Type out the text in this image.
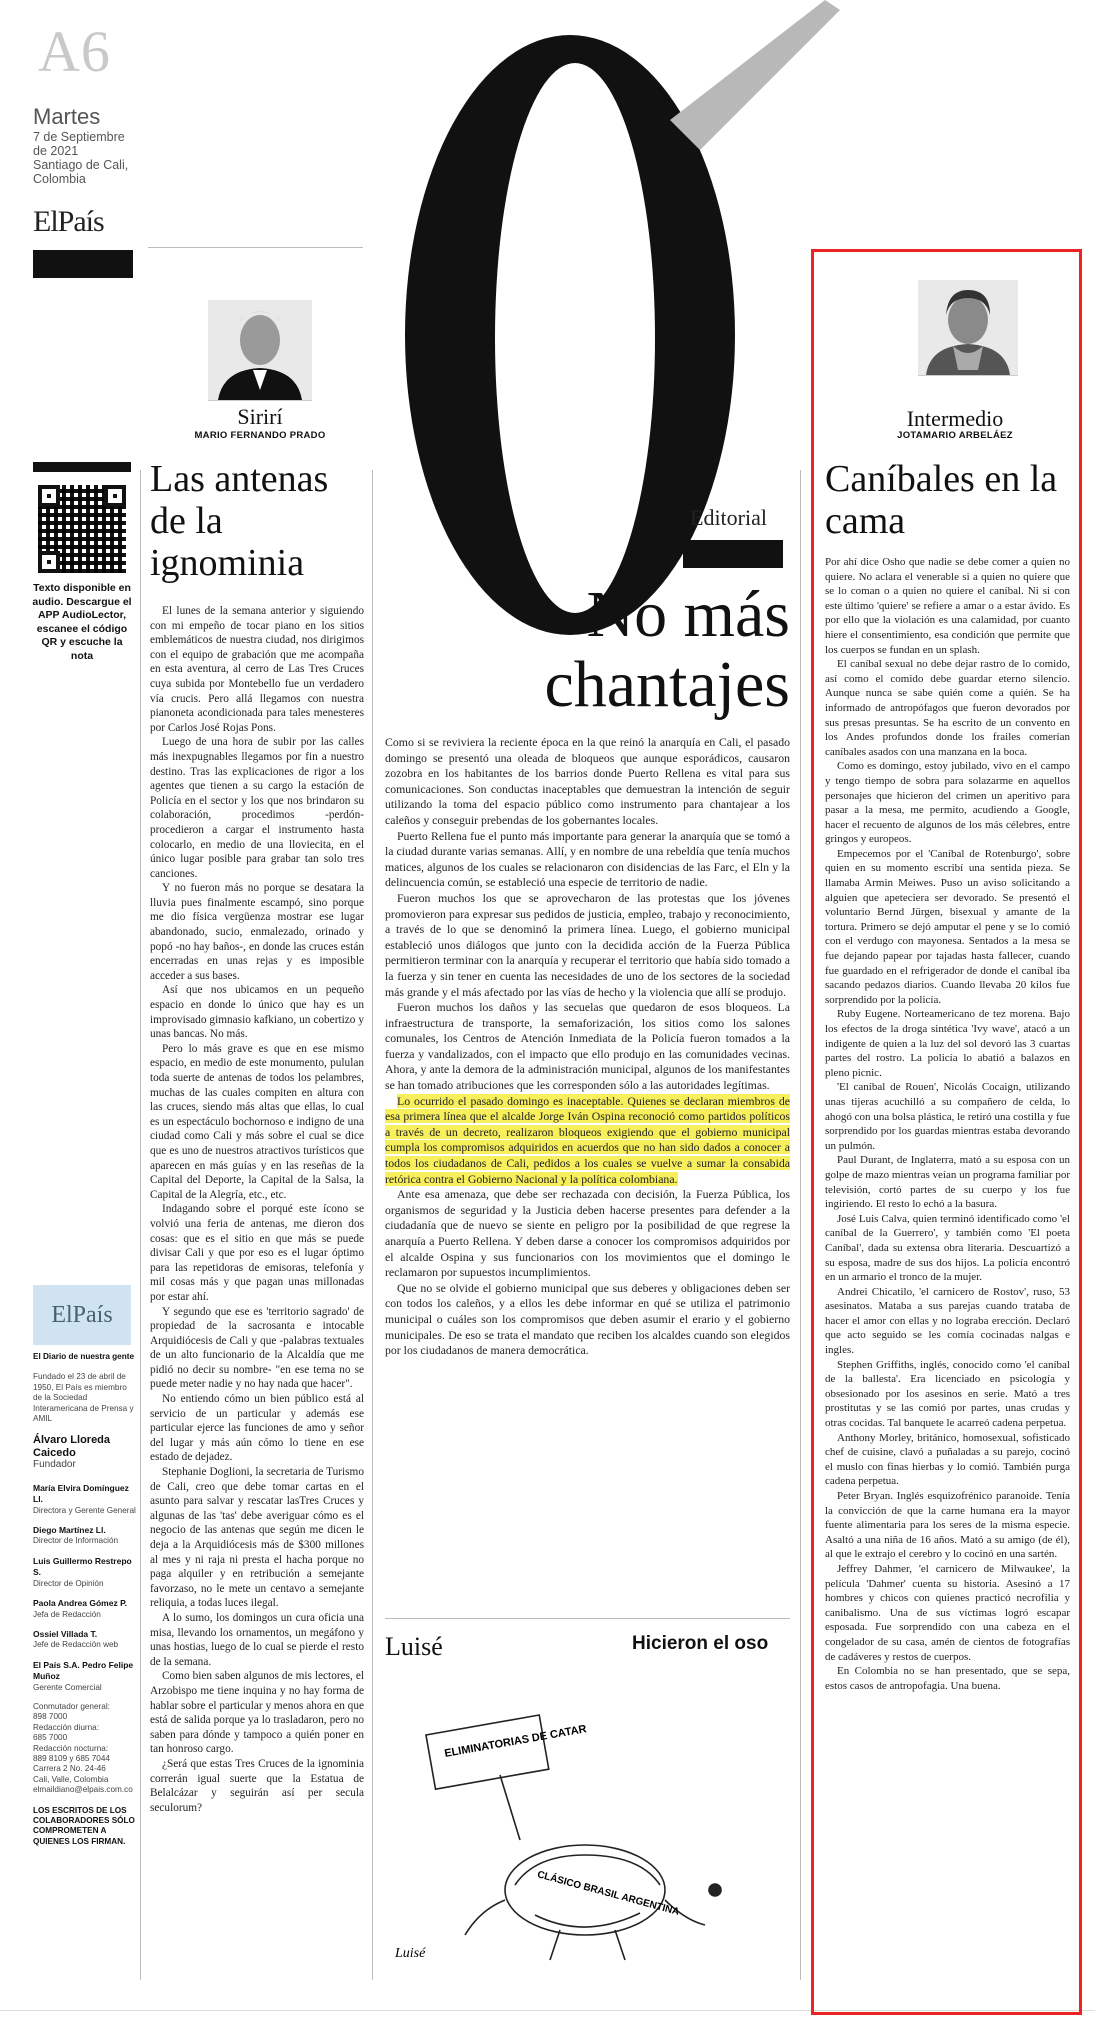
A6
Martes
7 de Septiembre
de 2021
Santiago de Cali,
Colombia
ElPaís
Sirirí
MARIO FERNANDO PRADO
Texto disponible en audio. Descargue el APP AudioLector, escanee el código QR y escuche la nota
Las antenas de la ignominia

El lunes de la semana anterior y siguiendo con mi empeño de tocar piano en los sitios emblemáticos de nuestra ciudad, nos dirigimos con el equipo de grabación que me acompaña en esta aventura, al cerro de Las Tres Cruces cuya subida por Montebello fue un verdadero vía crucis. Pero allá llegamos con nuestra pianoneta acondicionada para tales menesteres por Carlos José Rojas Pons.

Luego de una hora de subir por las calles más inexpugnables llegamos por fin a nuestro destino. Tras las explicaciones de rigor a los agentes que tienen a su cargo la estación de Policía en el sector y los que nos brindaron su colaboración, procedimos -perdón- procedieron a cargar el instrumento hasta colocarlo, en medio de una lloviecita, en el único lugar posible para grabar tan solo tres canciones.

Y no fueron más no porque se desatara la lluvia pues finalmente escampó, sino porque me dio física vergüenza mostrar ese lugar abandonado, sucio, enmalezado, orinado y popó -no hay baños-, en donde las cruces están encerradas en unas rejas y es imposible acceder a sus bases.

Así que nos ubicamos en un pequeño espacio en donde lo único que hay es un improvisado gimnasio kafkiano, un cobertizo y unas bancas. No más.

Pero lo más grave es que en ese mismo espacio, en medio de este monumento, pululan toda suerte de antenas de todos los pelambres, muchas de las cuales compiten en altura con las cruces, siendo más altas que ellas, lo cual es un espectáculo bochornoso e indigno de una ciudad como Cali y más sobre el cual se dice que es uno de nuestros atractivos turísticos que aparecen en más guías y en las reseñas de la Capital del Deporte, la Capital de la Salsa, la Capital de la Alegría, etc., etc.

Indagando sobre el porqué este ícono se volvió una feria de antenas, me dieron dos cosas: que es el sitio en que más se puede divisar Cali y que por eso es el lugar óptimo para las repetidoras de emisoras, telefonía y mil cosas más y que pagan unas millonadas por estar ahí.

Y segundo que ese es 'territorio sagrado' de propiedad de la sacrosanta e intocable Arquidiócesis de Cali y que -palabras textuales de un alto funcionario de la Alcaldía que me pidió no decir su nombre- "en ese tema no se puede meter nadie y no hay nada que hacer".

No entiendo cómo un bien público está al servicio de un particular y además ese particular ejerce las funciones de amo y señor del lugar y más aún cómo lo tiene en ese estado de dejadez.

Stephanie Doglioni, la secretaria de Turismo de Cali, creo que debe tomar cartas en el asunto para salvar y rescatar lasTres Cruces y algunas de las 'tas' debe averiguar cómo es el negocio de las antenas que según me dicen le deja a la Arquidiócesis más de $300 millones al mes y ni raja ni presta el hacha porque no paga alquiler y en retribución a semejante favorzaso, no le mete un centavo a semejante reliquia, a todas luces ilegal.

A lo sumo, los domingos un cura oficia una misa, llevando los ornamentos, un megáfono y unas hostias, luego de lo cual se pierde el resto de la semana.

Como bien saben algunos de mis lectores, el Arzobispo me tiene inquina y no hay forma de hablar sobre el particular y menos ahora en que está de salida porque ya lo trasladaron, pero no saben para dónde y tampoco a quién poner en tan honroso cargo.

¿Será que estas Tres Cruces de la ignominia correrán igual suerte que la Estatua de Belalcázar y seguirán así per secula seculorum?

ElPaís
El Diario de nuestra gente
Fundado el 23 de abril de 1950, El País es miembro de la Sociedad Interamericana de Prensa y AMIL
Álvaro Lloreda Caicedo
Fundador
María Elvira Domínguez Ll.
Directora y Gerente General
Diego Martínez Ll.
Director de Información
Luis Guillermo Restrepo S.
Director de Opinión
Paola Andrea Gómez P.
Jefa de Redacción
Ossiel Villada T.
Jefe de Redacción web
El País S.A. Pedro Felipe Muñoz
Gerente Comercial
Conmutador general:
898 7000
Redacción diurna:
685 7000
Redacción nocturna:
889 8109 y 685 7044
Carrera 2 No. 24-46
Cali, Valle, Colombia
elmaildiano@elpais.com.co
LOS ESCRITOS DE LOS COLABORADORES SÓLO COMPROMETEN A QUIENES LOS FIRMAN.
Editorial
No más
chantajes

Como si se reviviera la reciente época en la que reinó la anarquía en Cali, el pasado domingo se presentó una oleada de bloqueos que aunque esporádicos, causaron zozobra en los habitantes de los barrios donde Puerto Rellena es vital para sus comunicaciones. Son conductas inaceptables que demuestran la intención de seguir utilizando la toma del espacio público como instrumento para chantajear a los caleños y conseguir prebendas de los gobernantes locales.

Puerto Rellena fue el punto más importante para generar la anarquía que se tomó a la ciudad durante varias semanas. Allí, y en nombre de una rebeldía que tenía muchos matices, algunos de los cuales se relacionaron con disidencias de las Farc, el Eln y la delincuencia común, se estableció una especie de territorio de nadie.

Fueron muchos los que se aprovecharon de las protestas que los jóvenes promovieron para expresar sus pedidos de justicia, empleo, trabajo y reconocimiento, a través de lo que se denominó la primera línea. Luego, el gobierno municipal estableció unos diálogos que junto con la decidida acción de la Fuerza Pública permitieron terminar con la anarquía y recuperar el territorio que había sido tomado a la fuerza y sin tener en cuenta las necesidades de uno de los sectores de la sociedad más grande y el más afectado por las vías de hecho y la violencia que allí se produjo.

Fueron muchos los daños y las secuelas que quedaron de esos bloqueos. La infraestructura de transporte, la semaforización, los sitios como los salones comunales, los Centros de Atención Inmediata de la Policía fueron tomados a la fuerza y vandalizados, con el impacto que ello produjo en las comunidades vecinas. Ahora, y ante la demora de la administración municipal, algunos de los manifestantes se han tomado atribuciones que les corresponden sólo a las autoridades legítimas.

Lo ocurrido el pasado domingo es inaceptable. Quienes se declaran miembros de esa primera línea que el alcalde Jorge Iván Ospina reconoció como partidos políticos a través de un decreto, realizaron bloqueos exigiendo que el gobierno municipal cumpla los compromisos adquiridos en acuerdos que no han sido dados a conocer a todos los ciudadanos de Cali, pedidos a los cuales se vuelve a sumar la consabida retórica contra el Gobierno Nacional y la política colombiana.

Ante esa amenaza, que debe ser rechazada con decisión, la Fuerza Pública, los organismos de seguridad y la Justicia deben hacerse presentes para defender a la ciudadanía que de nuevo se siente en peligro por la posibilidad de que regrese la anarquía a Puerto Rellena. Y deben darse a conocer los compromisos adquiridos por el alcalde Ospina y sus funcionarios con los movimientos que el domingo le reclamaron por supuestos incumplimientos.

Que no se olvide el gobierno municipal que sus deberes y obligaciones deben ser con todos los caleños, y a ellos les debe informar en qué se utiliza el patrimonio municipal o cuáles son los compromisos que deben asumir el erario y el gobierno municipales. De eso se trata el mandato que reciben los alcaldes cuando son elegidos por los ciudadanos de manera democrática.

Luisé	Hicieron el oso
ELIMINATORIAS DE CATAR
CLÁSICO BRASIL ARGENTINA
Luisé
Intermedio
JOTAMARIO ARBELÁEZ
Caníbales en la cama

Por ahí dice Osho que nadie se debe comer a quien no quiere. No aclara el venerable si a quien no quiere que se lo coman o a quien no quiere el caníbal. Ni si con este último 'quiere' se refiere a amar o a estar ávido. Es por ello que la violación es una calamidad, por cuanto hiere el consentimiento, esa condición que permite que los cuerpos se fundan en un splash.

El caníbal sexual no debe dejar rastro de lo comido, así como el comido debe guardar eterno silencio. Aunque nunca se sabe quién come a quién. Se ha informado de antropófagos que fueron devorados por sus presas presuntas. Se ha escrito de un convento en los Andes profundos donde los frailes comerían caníbales asados con una manzana en la boca.

Como es domingo, estoy jubilado, vivo en el campo y tengo tiempo de sobra para solazarme en aquellos personajes que hicieron del crimen un aperitivo para pasar a la mesa, me permito, acudiendo a Google, hacer el recuento de algunos de los más célebres, entre gringos y europeos.

Empecemos por el 'Caníbal de Rotenburgo', sobre quien en su momento escribí una sentida pieza. Se llamaba Armin Meiwes. Puso un aviso solicitando a alguien que apeteciera ser devorado. Se presentó el voluntario Bernd Jürgen, bisexual y amante de la tortura. Primero se dejó amputar el pene y se lo comió con el verdugo con mayonesa. Sentados a la mesa se fue dejando papear por tajadas hasta fallecer, cuando fue guardado en el refrigerador de donde el caníbal iba sacando pedazos diarios. Cuando llevaba 20 kilos fue sorprendido por la policía.

Ruby Eugene. Norteamericano de tez morena. Bajo los efectos de la droga sintética 'Ivy wave', atacó a un indigente de quien a la luz del sol devoró las 3 cuartas partes del rostro. La policía lo abatió a balazos en pleno picnic.

'El caníbal de Rouen', Nicolás Cocaign, utilizando unas tijeras acuchilló a su compañero de celda, lo ahogó con una bolsa plástica, le retiró una costilla y fue sorprendido por los guardas mientras estaba devorando un pulmón.

Paul Durant, de Inglaterra, mató a su esposa con un golpe de mazo mientras veían un programa familiar por televisión, cortó partes de su cuerpo y los fue ingiriendo. El resto lo echó a la basura.

José Luis Calva, quien terminó identificado como 'el caníbal de la Guerrero', y también como 'El poeta Caníbal', dada su extensa obra literaria. Descuartizó a su esposa, madre de sus dos hijos. La policía encontró en un armario el tronco de la mujer.

Andrei Chicatilo, 'el carnicero de Rostov', ruso, 53 asesinatos. Mataba a sus parejas cuando trataba de hacer el amor con ellas y no lograba erección. Declaró que acto seguido se les comía cocinadas nalgas e ingles.

Stephen Griffiths, inglés, conocido como 'el caníbal de la ballesta'. Era licenciado en psicología y obsesionado por los asesinos en serie. Mató a tres prostitutas y se las comió por partes, unas crudas y otras cocidas. Tal banquete le acarreó cadena perpetua.

Anthony Morley, británico, homosexual, sofisticado chef de cuisine, clavó a puñaladas a su parejo, cocinó el muslo con finas hierbas y lo comió. También purga cadena perpetua.

Peter Bryan. Inglés esquizofrénico paranoide. Tenía la convicción de que la carne humana era la mayor fuente alimentaria para los seres de la misma especie. Asaltó a una niña de 16 años. Mató a su amigo (de él), al que le extrajo el cerebro y lo cocinó en una sartén.

Jeffrey Dahmer, 'el carnicero de Milwaukee', la película 'Dahmer' cuenta su historia. Asesinó a 17 hombres y chicos con quienes practicó necrofilia y canibalismo. Una de sus víctimas logró escapar esposada. Fue sorprendido con una cabeza en el congelador de su casa, amén de cientos de fotografías de cadáveres y restos de cuerpos.

En Colombia no se han presentado, que se sepa, estos casos de antropofagia. Una buena.
